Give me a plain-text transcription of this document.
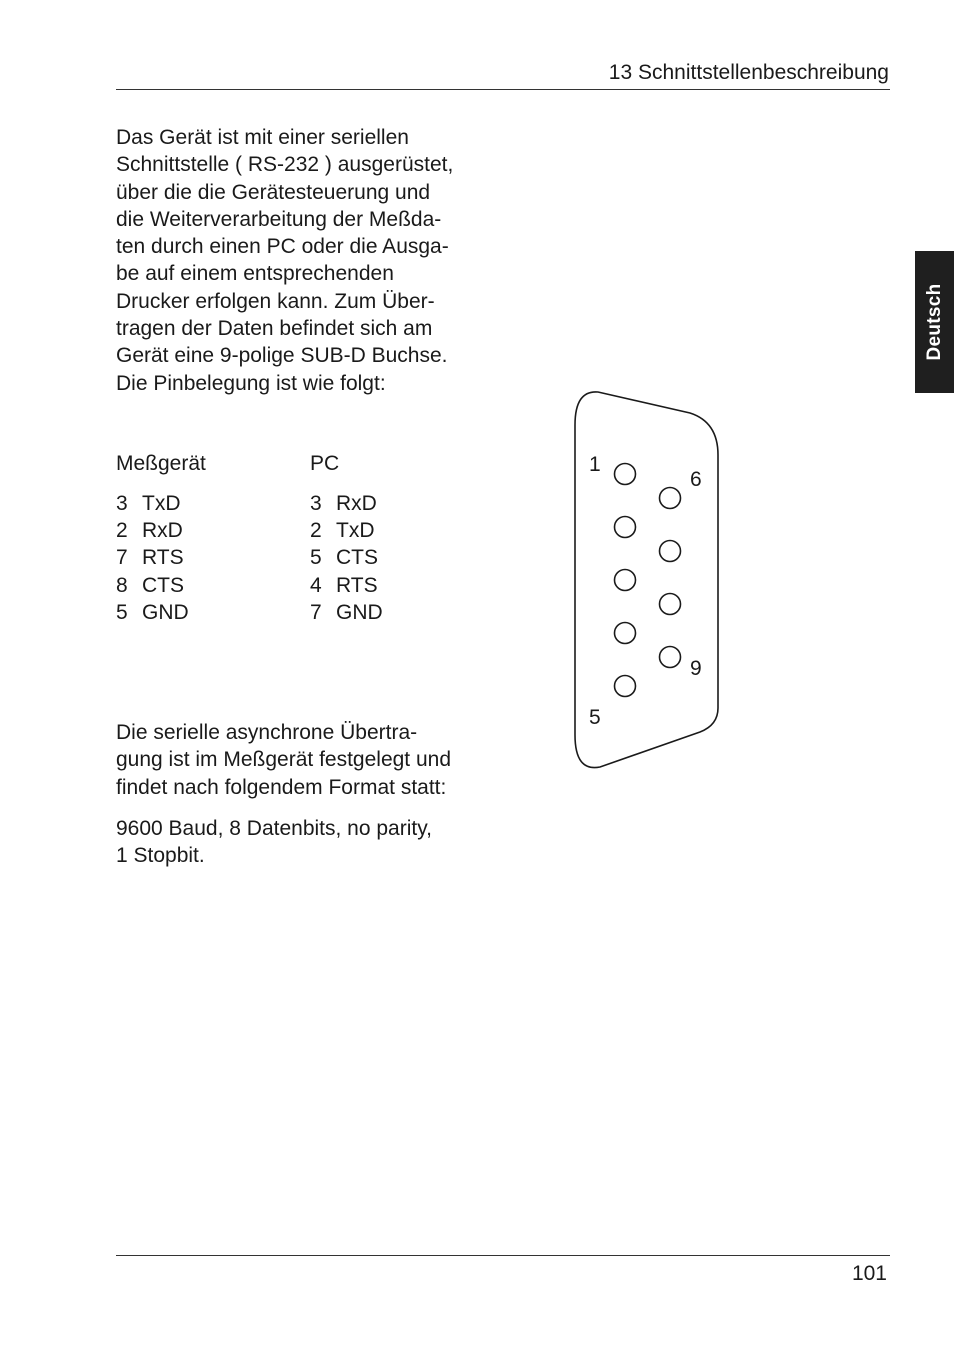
13 Schnittstellenbeschreibung
Deutsch

Das Gerät ist mit einer seriellen

Schnittstelle ( RS-232 ) ausgerüstet,

über die die Gerätesteuerung und

die Weiterverarbeitung der Meßda-

ten durch einen PC oder die Ausga-

be auf einem entsprechenden

Drucker erfolgen kann. Zum Über-

tragen der Daten befindet sich am

Gerät eine 9-polige SUB-D Buchse.

Die Pinbelegung ist wie folgt:

Meßgerät	PC
3 TxD
2 RxD
7 RTS
8 CTS
5 GND
3 RxD
2 TxD
5 CTS
4 RTS
7 GND
1
6
9
5

Die serielle asynchrone Übertra-

gung ist im Meßgerät festgelegt und

findet nach folgendem Format statt:

9600 Baud, 8 Datenbits, no parity,

1 Stopbit.

101
